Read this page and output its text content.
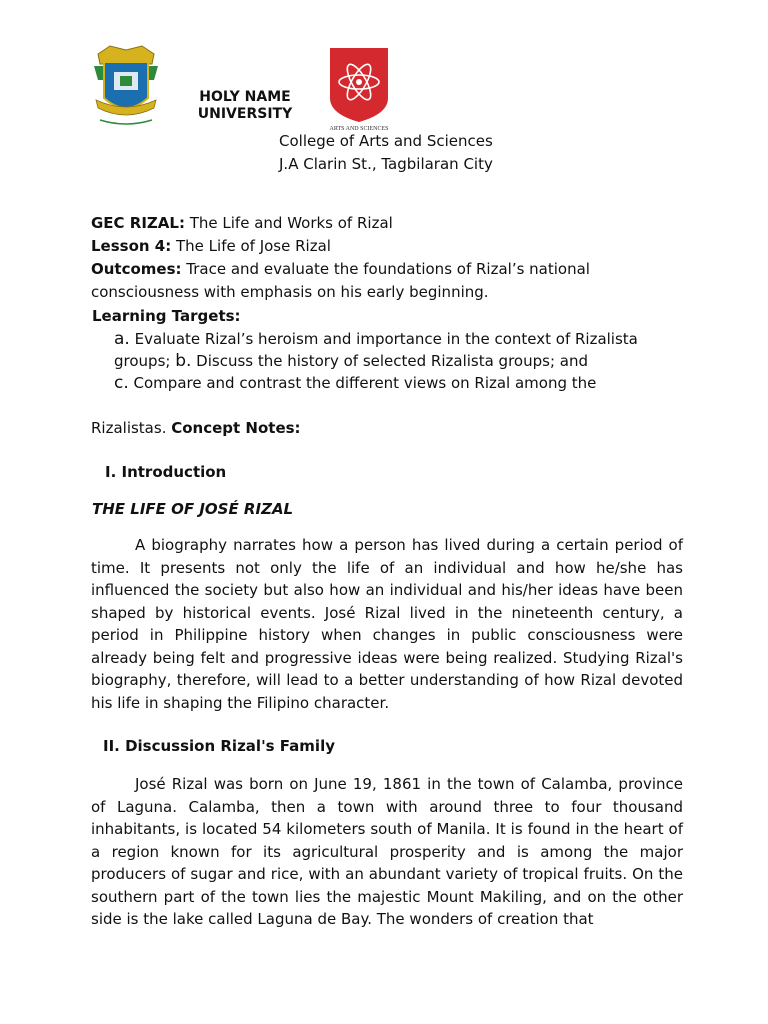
HOLY NAME
UNIVERSITY
ARTS AND SCIENCES
College of Arts and Sciences
J.A Clarin St., Tagbilaran City
GEC RIZAL: The Life and Works of Rizal
Lesson 4: The Life of Jose Rizal
Outcomes: Trace and evaluate the foundations of Rizal’s national
consciousness with emphasis on his early beginning.
Learning Targets:
a. Evaluate Rizal’s heroism and importance in the context of Rizalista
groups; b. Discuss the history of selected Rizalista groups; and
c. Compare and contrast the different views on Rizal among the
Rizalistas. Concept Notes:
I. Introduction
THE LIFE OF JOSÉ RIZAL

A biography narrates how a person has lived during a certain period of time. It presents not only the life of an individual and how he/she has influenced the society but also how an individual and his/her ideas have been shaped by historical events. José Rizal lived in the nineteenth century, a period in Philippine history when changes in public consciousness were already being felt and progressive ideas were being realized. Studying Rizal's biography, therefore, will lead to a better understanding of how Rizal devoted his life in shaping the Filipino character.

II. Discussion Rizal's Family

José Rizal was born on June 19, 1861 in the town of Calamba, province of Laguna. Calamba, then a town with around three to four thousand inhabitants, is located 54 kilometers south of Manila. It is found in the heart of a region known for its agricultural prosperity and is among the major producers of sugar and rice, with an abundant variety of tropical fruits. On the southern part of the town lies the majestic Mount Makiling, and on the other side is the lake called Laguna de Bay. The wonders of creation that
